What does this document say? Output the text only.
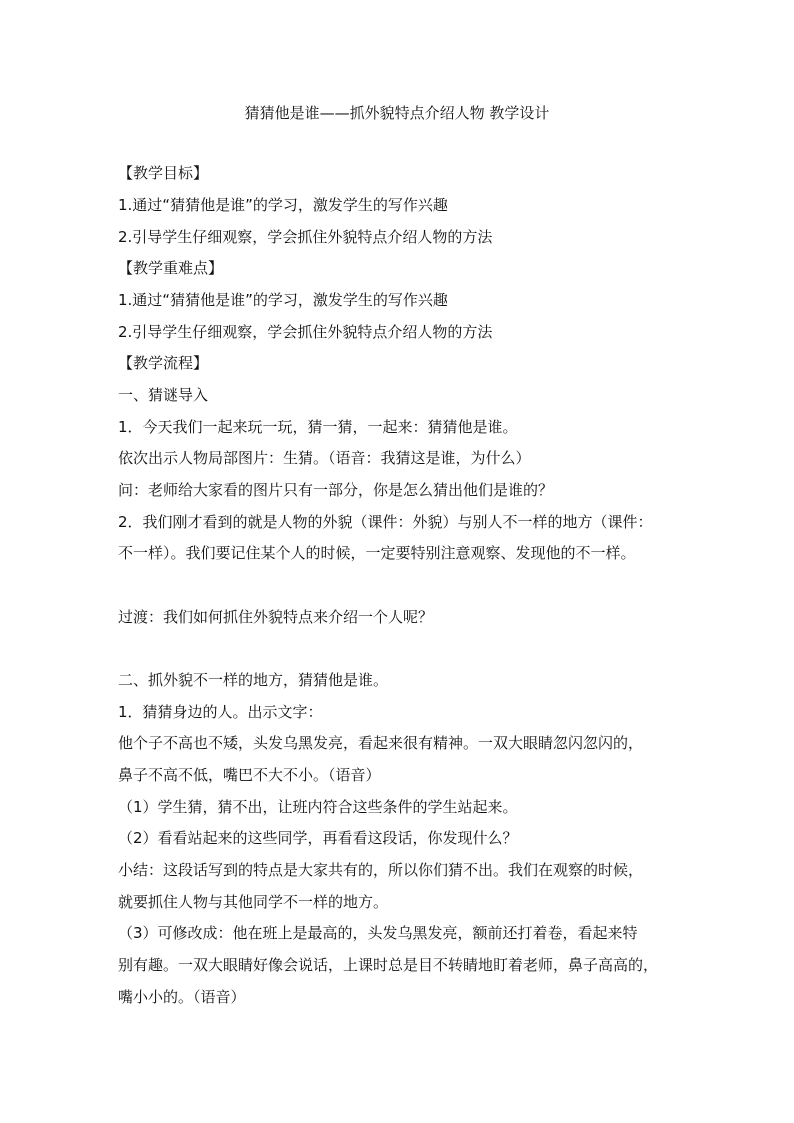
猜猜他是谁——抓外貌特点介绍人物 教学设计
【教学目标】
1.通过“猜猜他是谁”的学习，激发学生的写作兴趣
2.引导学生仔细观察，学会抓住外貌特点介绍人物的方法
【教学重难点】
1.通过“猜猜他是谁”的学习，激发学生的写作兴趣
2.引导学生仔细观察，学会抓住外貌特点介绍人物的方法
【教学流程】
一、猜谜导入
1．今天我们一起来玩一玩，猜一猜，一起来：猜猜他是谁。
依次出示人物局部图片：生猜。（语音：我猜这是谁，为什么）
问：老师给大家看的图片只有一部分，你是怎么猜出他们是谁的？
2．我们刚才看到的就是人物的外貌（课件：外貌）与别人不一样的地方（课件：
不一样）。我们要记住某个人的时候，一定要特别注意观察、发现他的不一样。
过渡：我们如何抓住外貌特点来介绍一个人呢？
二、抓外貌不一样的地方，猜猜他是谁。
1．猜猜身边的人。出示文字：
他个子不高也不矮，头发乌黑发亮，看起来很有精神。一双大眼睛忽闪忽闪的，
鼻子不高不低，嘴巴不大不小。（语音）
（1）学生猜，猜不出，让班内符合这些条件的学生站起来。
（2）看看站起来的这些同学，再看看这段话，你发现什么？
小结：这段话写到的特点是大家共有的，所以你们猜不出。我们在观察的时候，
就要抓住人物与其他同学不一样的地方。
（3）可修改成：他在班上是最高的，头发乌黑发亮，额前还打着卷，看起来特
别有趣。一双大眼睛好像会说话，上课时总是目不转睛地盯着老师，鼻子高高的，
嘴小小的。（语音）
